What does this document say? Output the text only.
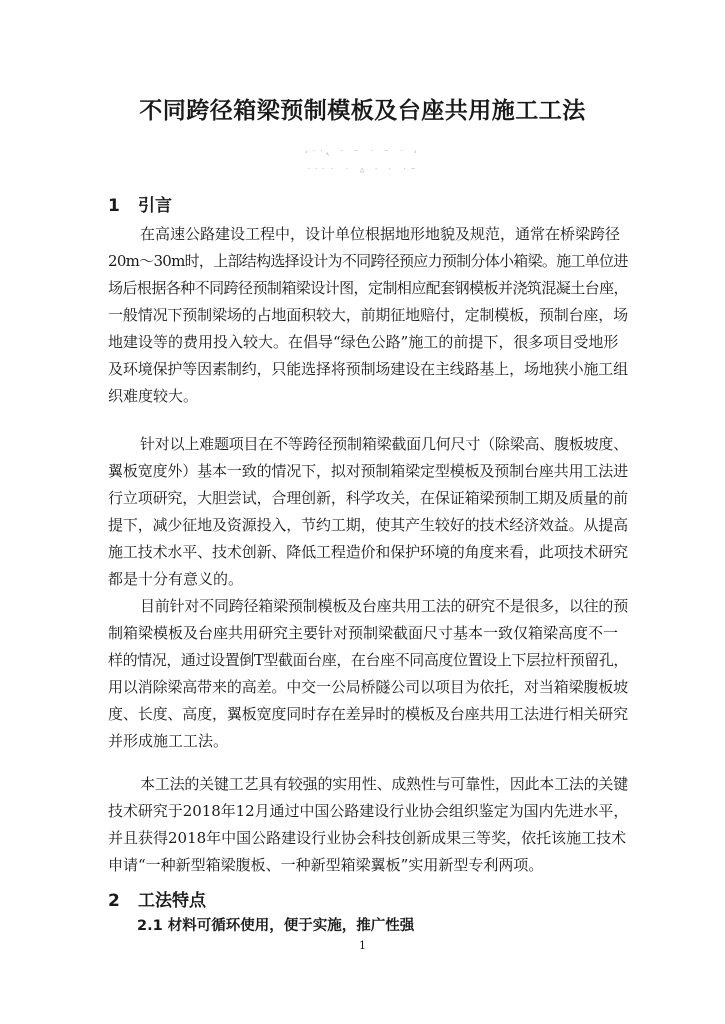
不同跨径箱梁预制模板及台座共用施工工法
ʻ˙ᐝ˞ ˙ ˉ ˙ ˉ ˙ ʻ
˙ᐝ˙˙ ˙ ᐞ ᐝ ˙ ˙ˉ
1 引言
在高速公路建设工程中，设计单位根据地形地貌及规范，通常在桥梁跨径
20m～30m时，上部结构选择设计为不同跨径预应力预制分体小箱梁。施工单位进
场后根据各种不同跨径预制箱梁设计图，定制相应配套钢模板并浇筑混凝土台座，
一般情况下预制梁场的占地面积较大，前期征地赔付，定制模板，预制台座，场
地建设等的费用投入较大。在倡导“绿色公路”施工的前提下，很多项目受地形
及环境保护等因素制约，只能选择将预制场建设在主线路基上，场地狭小施工组
织难度较大。
针对以上难题项目在不等跨径预制箱梁截面几何尺寸（除梁高、腹板坡度、
翼板宽度外）基本一致的情况下，拟对预制箱梁定型模板及预制台座共用工法进
行立项研究，大胆尝试，合理创新，科学攻关，在保证箱梁预制工期及质量的前
提下，减少征地及资源投入，节约工期，使其产生较好的技术经济效益。从提高
施工技术水平、技术创新、降低工程造价和保护环境的角度来看，此项技术研究
都是十分有意义的。
目前针对不同跨径箱梁预制模板及台座共用工法的研究不是很多，以往的预
制箱梁模板及台座共用研究主要针对预制梁截面尺寸基本一致仅箱梁高度不一
样的情况，通过设置倒T型截面台座，在台座不同高度位置设上下层拉杆预留孔，
用以消除梁高带来的高差。中交一公局桥隧公司以项目为依托，对当箱梁腹板坡
度、长度、高度，翼板宽度同时存在差异时的模板及台座共用工法进行相关研究
并形成施工工法。
本工法的关键工艺具有较强的实用性、成熟性与可靠性，因此本工法的关键
技术研究于2018年12月通过中国公路建设行业协会组织鉴定为国内先进水平，
并且获得2018年中国公路建设行业协会科技创新成果三等奖，依托该施工技术
申请“一种新型箱梁腹板、一种新型箱梁翼板”实用新型专利两项。
2 工法特点
2.1 材料可循环使用，便于实施，推广性强
1
